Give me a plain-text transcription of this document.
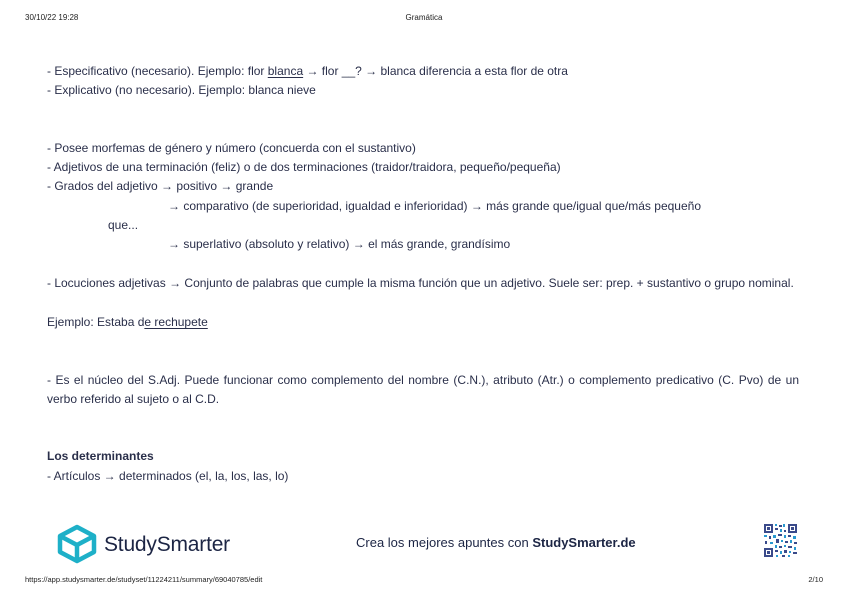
30/10/22 19:28	Gramática
- Especificativo (necesario). Ejemplo: flor blanca → flor __? → blanca diferencia a esta flor de otra
- Explicativo (no necesario). Ejemplo: blanca nieve
- Posee morfemas de género y número (concuerda con el sustantivo)
- Adjetivos de una terminación (feliz) o de dos terminaciones (traidor/traidora, pequeño/pequeña)
- Grados del adjetivo → positivo → grande
→ comparativo (de superioridad, igualdad e inferioridad) → más grande que/igual que/más pequeño
que...
→ superlativo (absoluto y relativo) → el más grande, grandísimo
- Locuciones adjetivas → Conjunto de palabras que cumple la misma función que un adjetivo. Suele ser: prep. + sustantivo o grupo nominal.
Ejemplo: Estaba de rechupete
- Es el núcleo del S.Adj. Puede funcionar como complemento del nombre (C.N.), atributo (Atr.) o complemento predicativo (C. Pvo) de un verbo referido al sujeto o al C.D.
Los determinantes
- Artículos → determinados (el, la, los, las, lo)
StudySmarter	Crea los mejores apuntes con StudySmarter.de
https://app.studysmarter.de/studyset/11224211/summary/69040785/edit	2/10
